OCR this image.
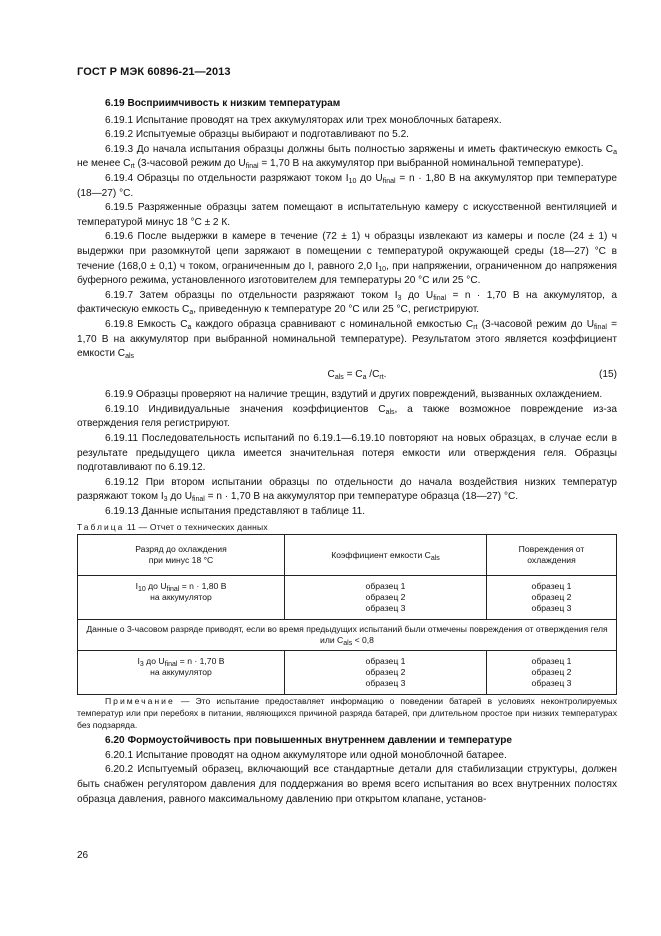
ГОСТ Р МЭК 60896-21—2013

6.19 Восприимчивость к низким температурам

6.19.1 Испытание проводят на трех аккумуляторах или трех моноблочных батареях.

6.19.2 Испытуемые образцы выбирают и подготавливают по 5.2.

6.19.3 До начала испытания образцы должны быть полностью заряжены и иметь фактическую емкость $C_a$ не менее $C_{rt}$ (3-часовой режим до $U_{final} = 1,70$ В на аккумулятор при выбранной номинальной температуре).

6.19.4 Образцы по отдельности разряжают током $I_{10}$ до $U_{final} = n \cdot 1,80$ В на аккумулятор при температуре (18—27) °С.

6.19.5 Разряженные образцы затем помещают в испытательную камеру с искусственной вентиляцией и температурой минус 18 °С ± 2 К.

6.19.6 После выдержки в камере в течение (72 ± 1) ч образцы извлекают из камеры и после (24 ± 1) ч выдержки при разомкнутой цепи заряжают в помещении с температурой окружающей среды (18—27) °С в течение (168,0 ± 0,1) ч током, ограниченным до I, равного 2,0 $I_{10}$, при напряжении, ограниченном до напряжения буферного режима, установленного изготовителем для температуры 20 °С или 25 °С.

6.19.7 Затем образцы по отдельности разряжают током $I_3$ до $U_{final} = n \cdot 1,70$ В на аккумулятор, а фактическую емкость $C_a$, приведенную к температуре 20 °С или 25 °С, регистрируют.

6.19.8 Емкость $C_a$ каждого образца сравнивают с номинальной емкостью $C_{rt}$ (3-часовой режим до $U_{final} = 1,70$ В на аккумулятор при выбранной номинальной температуре). Результатом этого является коэффициент емкости $C_{als}$

$C_{als} = C_a$ $/C_{rt}$.	(15)

6.19.9 Образцы проверяют на наличие трещин, вздутий и других повреждений, вызванных охлаждением.

6.19.10 Индивидуальные значения коэффициентов $C_{als}$, а также возможное повреждение из-за отверждения геля регистрируют.

6.19.11 Последовательность испытаний по 6.19.1—6.19.10 повторяют на новых образцах, в случае если в результате предыдущего цикла имеется значительная потеря емкости или отверждения геля. Образцы подготавливают по 6.19.12.

6.19.12 При втором испытании образцы по отдельности до начала воздействия низких температур разряжают током $I_3$ до $U_{final} = n \cdot 1,70$ В на аккумулятор при температуре образца (18—27) °С.

6.19.13 Данные испытания представляют в таблице 11.

Таблица 11 — Отчет о технических данных

Разряд до охлаждения
при минус 18 °С	Коэффициент емкости $C_{als}$	Повреждения от охлаждения

$I_{10}$ до $U_{final} = n \cdot 1,80$ В
на аккумулятор	образец 1
образец 2
образец 3	образец 1
образец 2
образец 3

Данные о 3-часовом разряде приводят, если во время предыдущих испытаний были отмечены повреждения от отверждения геля или $C_{als} < 0,8$		

$I_3$ до $U_{final} = n \cdot 1,70$ В
на аккумулятор	образец 1
образец 2
образец 3	образец 1
образец 2
образец 3

Примечание — Это испытание предоставляет информацию о поведении батарей в условиях неконтролируемых температур или при перебоях в питании, являющихся причиной разряда батарей, при длительном простое при низких температурах без подзаряда.

6.20 Формоустойчивость при повышенных внутреннем давлении и температуре

6.20.1 Испытание проводят на одном аккумуляторе или одной моноблочной батарее.

6.20.2 Испытуемый образец, включающий все стандартные детали для стабилизации структуры, должен быть снабжен регулятором давления для поддержания во время всего испытания во всех внутренних полостях образца давления, равного максимальному давлению при открытом клапане, установ-

26
